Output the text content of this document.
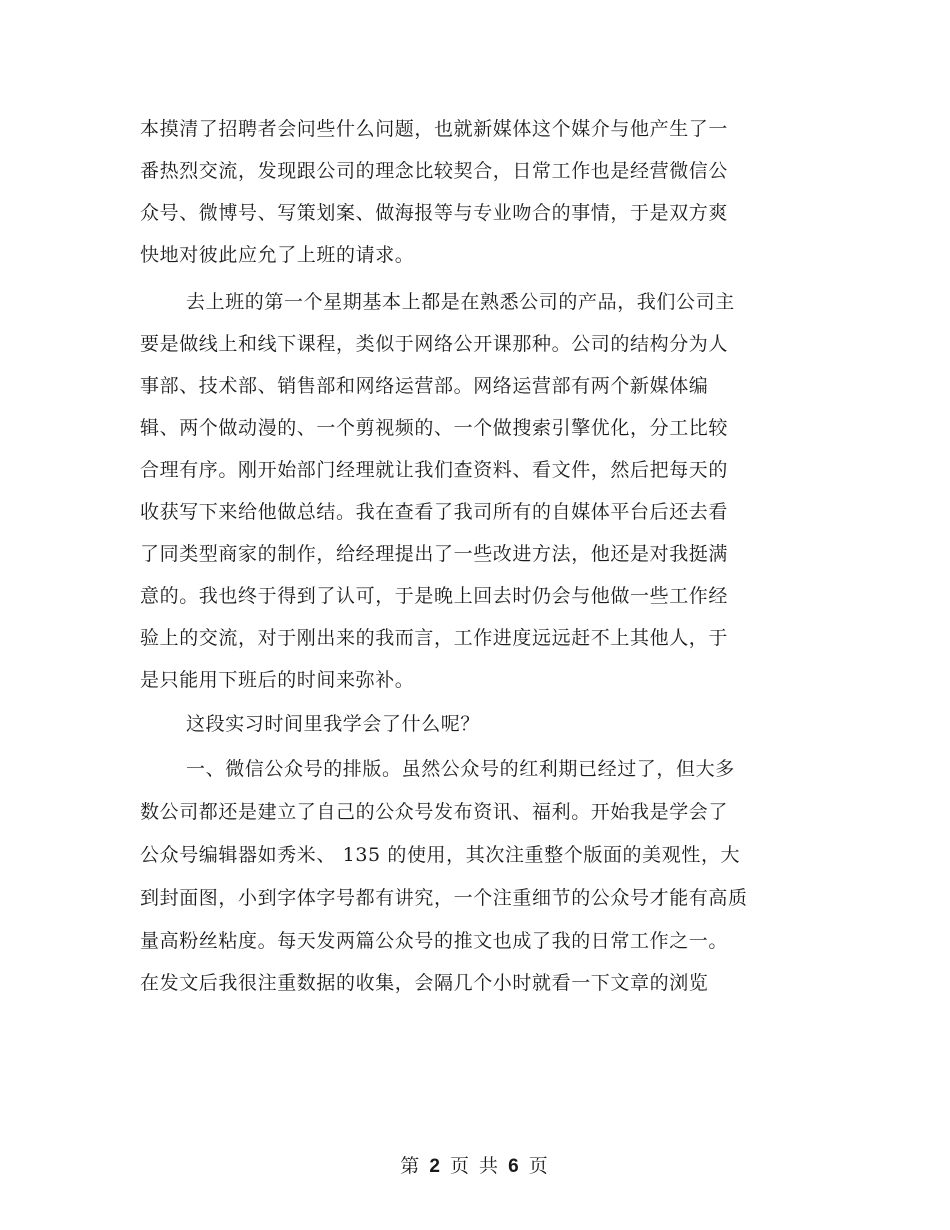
本摸清了招聘者会问些什么问题，也就新媒体这个媒介与他产生了一
番热烈交流，发现跟公司的理念比较契合，日常工作也是经营微信公
众号、微博号、写策划案、做海报等与专业吻合的事情，于是双方爽
快地对彼此应允了上班的请求。
去上班的第一个星期基本上都是在熟悉公司的产品，我们公司主
要是做线上和线下课程，类似于网络公开课那种。公司的结构分为人
事部、技术部、销售部和网络运营部。网络运营部有两个新媒体编
辑、两个做动漫的、一个剪视频的、一个做搜索引擎优化，分工比较
合理有序。刚开始部门经理就让我们查资料、看文件，然后把每天的
收获写下来给他做总结。我在查看了我司所有的自媒体平台后还去看
了同类型商家的制作，给经理提出了一些改进方法，他还是对我挺满
意的。我也终于得到了认可，于是晚上回去时仍会与他做一些工作经
验上的交流，对于刚出来的我而言，工作进度远远赶不上其他人，于
是只能用下班后的时间来弥补。
这段实习时间里我学会了什么呢？
一、微信公众号的排版。虽然公众号的红利期已经过了，但大多
数公司都还是建立了自己的公众号发布资讯、福利。开始我是学会了
公众号编辑器如秀米、 135 的使用，其次注重整个版面的美观性，大
到封面图，小到字体字号都有讲究，一个注重细节的公众号才能有高质
量高粉丝粘度。每天发两篇公众号的推文也成了我的日常工作之一。
在发文后我很注重数据的收集，会隔几个小时就看一下文章的浏览
第 2 页 共 6 页
